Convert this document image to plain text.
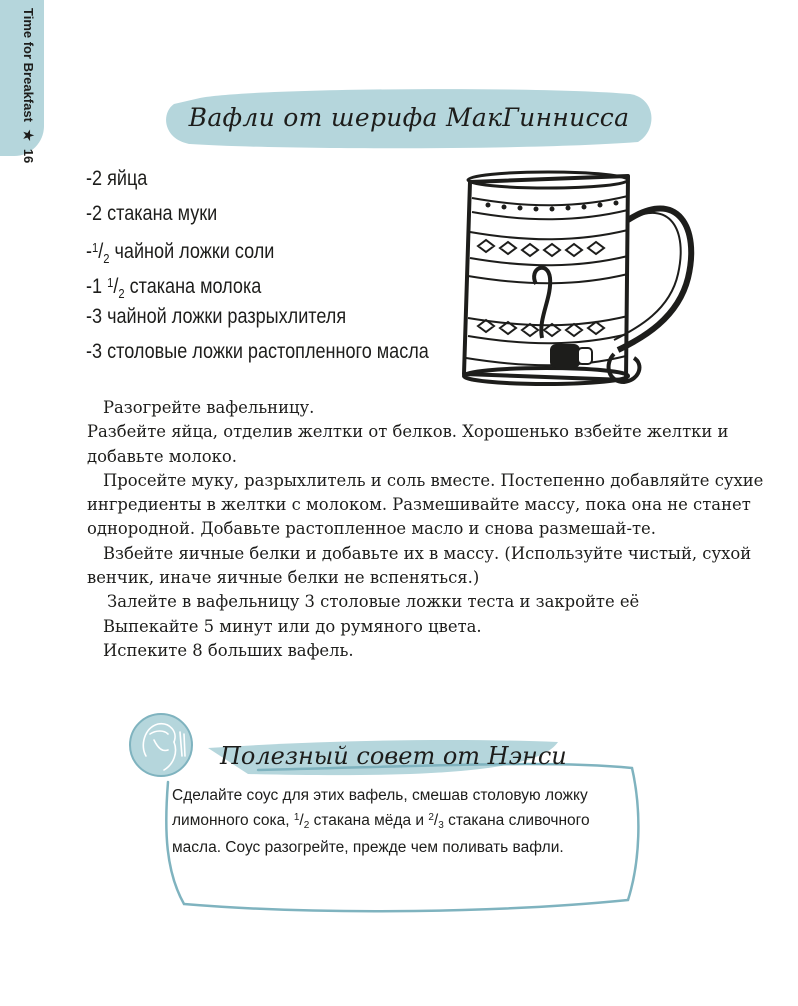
Time for Breakfast ★ 16
Вафли от шерифа МакГиннисса
-2 яйца
-2 стакана муки
$-^1/_2$ чайной ложки соли
-1 $^1/_2$ стакана молока
-3 чайной ложки разрыхлителя
-3 столовые ложки растопленного масла

Разогрейте вафельницу.

Разбейте яйца, отделив желтки от белков. Хорошенько взбейте желтки и добавьте молоко.

Просейте муку, разрыхлитель и соль вместе. Постепенно добавляйте сухие ингредиенты в желтки с молоком. Размешивайте массу, пока она не станет однородной. Добавьте растопленное масло и снова размешай-те.

Взбейте яичные белки и добавьте их в массу. (Используйте чистый, сухой венчик, иначе яичные белки не вспеняться.)

Залейте в вафельницу 3 столовые ложки теста и закройте её

Выпекайте 5 минут или до румяного цвета.

Испеките 8 больших вафель.

Полезный совет от Нэнси
Сделайте соус для этих вафель, смешав столовую ложку лимонного сока, $^1/_2$ стакана мёда и $^2/_3$ стакана сливочного масла. Соус разогрейте, прежде чем поливать вафли.
